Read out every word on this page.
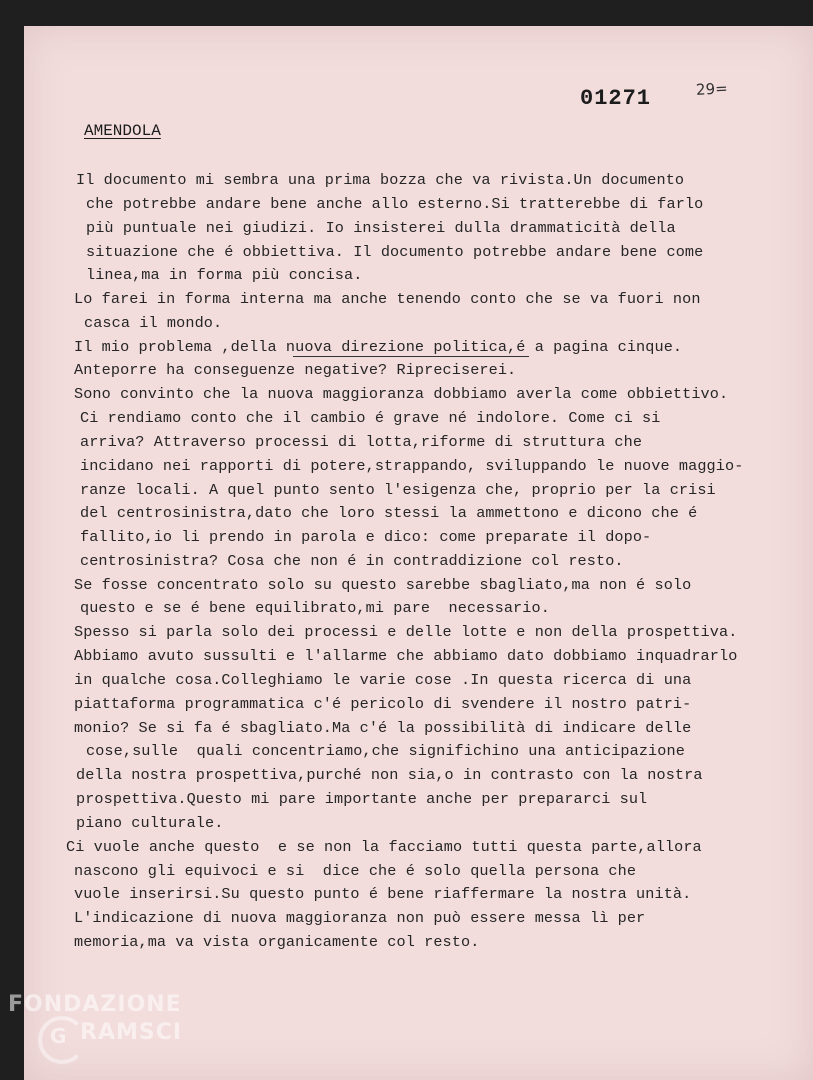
01271	29=
AMENDOLA
Il documento mi sembra una prima bozza che va rivista.Un documento
che potrebbe andare bene anche allo esterno.Si tratterebbe di farlo
più puntuale nei giudizi. Io insisterei dulla drammaticità della
situazione che é obbiettiva. Il documento potrebbe andare bene come
linea,ma in forma più concisa.
Lo farei in forma interna ma anche tenendo conto che se va fuori non
casca il mondo.
Il mio problema ,della nuova direzione politica,é a pagina cinque.
Anteporre ha conseguenze negative? Ripreciserei.
Sono convinto che la nuova maggioranza dobbiamo averla come obbiettivo.
Ci rendiamo conto che il cambio é grave né indolore. Come ci si
arriva? Attraverso processi di lotta,riforme di struttura che
incidano nei rapporti di potere,strappando, sviluppando le nuove maggio-
ranze locali. A quel punto sento l'esigenza che, proprio per la crisi
del centrosinistra,dato che loro stessi la ammettono e dicono che é
fallito,io li prendo in parola e dico: come preparate il dopo-
centrosinistra? Cosa che non é in contraddizione col resto.
Se fosse concentrato solo su questo sarebbe sbagliato,ma non é solo
questo e se é bene equilibrato,mi pare  necessario.
Spesso si parla solo dei processi e delle lotte e non della prospettiva.
Abbiamo avuto sussulti e l'allarme che abbiamo dato dobbiamo inquadrarlo
in qualche cosa.Colleghiamo le varie cose .In questa ricerca di una
piattaforma programmatica c'é pericolo di svendere il nostro patri-
monio? Se si fa é sbagliato.Ma c'é la possibilità di indicare delle
cose,sulle  quali concentriamo,che significhino una anticipazione
della nostra prospettiva,purché non sia,o in contrasto con la nostra
prospettiva.Questo mi pare importante anche per prepararci sul
piano culturale.
Ci vuole anche questo  e se non la facciamo tutti questa parte,allora
nascono gli equivoci e si  dice che é solo quella persona che
vuole inserirsi.Su questo punto é bene riaffermare la nostra unità.
L'indicazione di nuova maggioranza non può essere messa lì per
memoria,ma va vista organicamente col resto.
FONDAZIONE
G RAMSCI
